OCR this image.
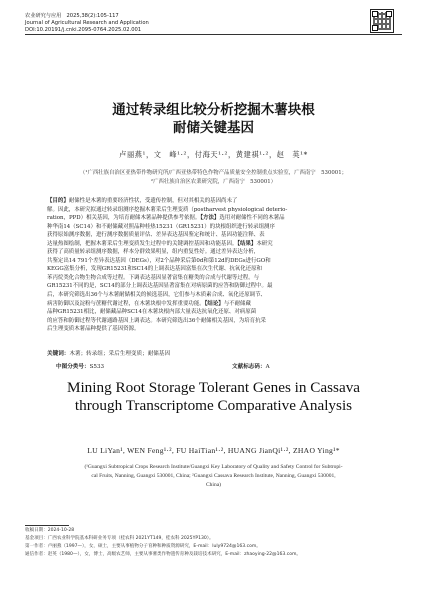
农业研究与应用　2025,38(2):105-117
Journal of Agricultural Research and Application
DOI:10.20191/j.cnki.2095-0764.2025.02.001
通过转录组比较分析挖掘木薯块根
耐储关键基因
卢丽燕¹，文　峰¹·²，付海天¹·²，黄建祺¹·²，赵　英¹*
（¹广西壮族自治区亚热带作物研究所/广西亚热带特色作物产品质量安全控制重点实验室，广西南宁　530001；
²广西壮族自治区农業研究院，广西南宁　530001）
【目的】耐储性是木薯的重要经济性状，受遗传控制，但对其相关的基因尚未了
解。因此，本研究拟通过转录组测序挖掘木薯采后生理变质（postharvest physiological deterio-
ration，PPD）相关基因，为培育耐储木薯品种提供参考依据。【方法】选用对耐储性不同的木薯品
种华南14（SC14）和不耐储藏对照品种桂热15231（GR15231）的块根组织进行转录组测序
获得原始测序数据，进行测序数据质量评估、差异表达基因鉴定和统计、基因功能注释、表
达量热图绘制，把握木薯采后生理变质发生过程中的关键调控基因和功能基因。【结果】本研究
获得了高质量转录组测序数据，样本分群效果明显，组内重复性好。通过差异表达分析，
共鉴定出14 791个差异表达基因（DEGs），对2个品种采后第0d和第12d的DEGs进行GO和
KEGG富集分析，发现GR15231和SC14的上调表达基因富集在次生代谢、抗氧化还原和
苯丙烷类化合物生物合成等过程。下调表达基因显著富集在糖类的合成与代谢等过程。与
GR15231不同的是，SC14的部分上调表达基因显著富集在对病原菌的应答和防御过程中。最
后，本研究筛选出36个与木薯耐储相关的候选基因，它们参与木质素合成、氧化还原调节、
病害防御以及淀粉与蔗糖代谢过程，在木薯块根中发挥重要功能。【结论】与不耐储藏
品种GR15231相比，耐储藏品种SC14在木薯块根内部大量表达抗氧化还原、对病原菌
的应答和防御过程等代谢通路基因上调表达。本研究筛选出36个耐储相关基因，为培育抗采
后生理变质木薯品种提供了基因资源。
关键词：木薯；转录组；采后生理变质；耐储基因
中图分类号：S533	文献标志码：A
Mining Root Storage Tolerant Genes in Cassava
through Transcriptome Comparative Analysis
LU LiYan¹, WEN Feng¹·², FU HaiTian¹·², HUANG JianQi¹·², ZHAO Ying¹*
(¹Guangxi Subtropical Crops Research Institute/Guangxi Key Laboratory of Quality and Safety Control for Subtropi-
cal Fruits, Nanning, Guangxi 530001, China; ²Guangxi Cassava Research Institute, Nanning, Guangxi 530001,
China)
收稿日期：2024-10-28
基金项目：广西农业科学院基本科研业务专项（桂农科 2021YT149，桂农科 2025YP130）。
第一作者：卢丽燕（1997—），女，硕士，主要从事植物分子育种和种质资源研究，E-mail：luly9724@163.com。
通信作者：赵英（1980—），女，博士，高级农艺师，主要从事薯类作物遗传育种及栽培技术研究，E-mail：zhaoying-22@163.com。
